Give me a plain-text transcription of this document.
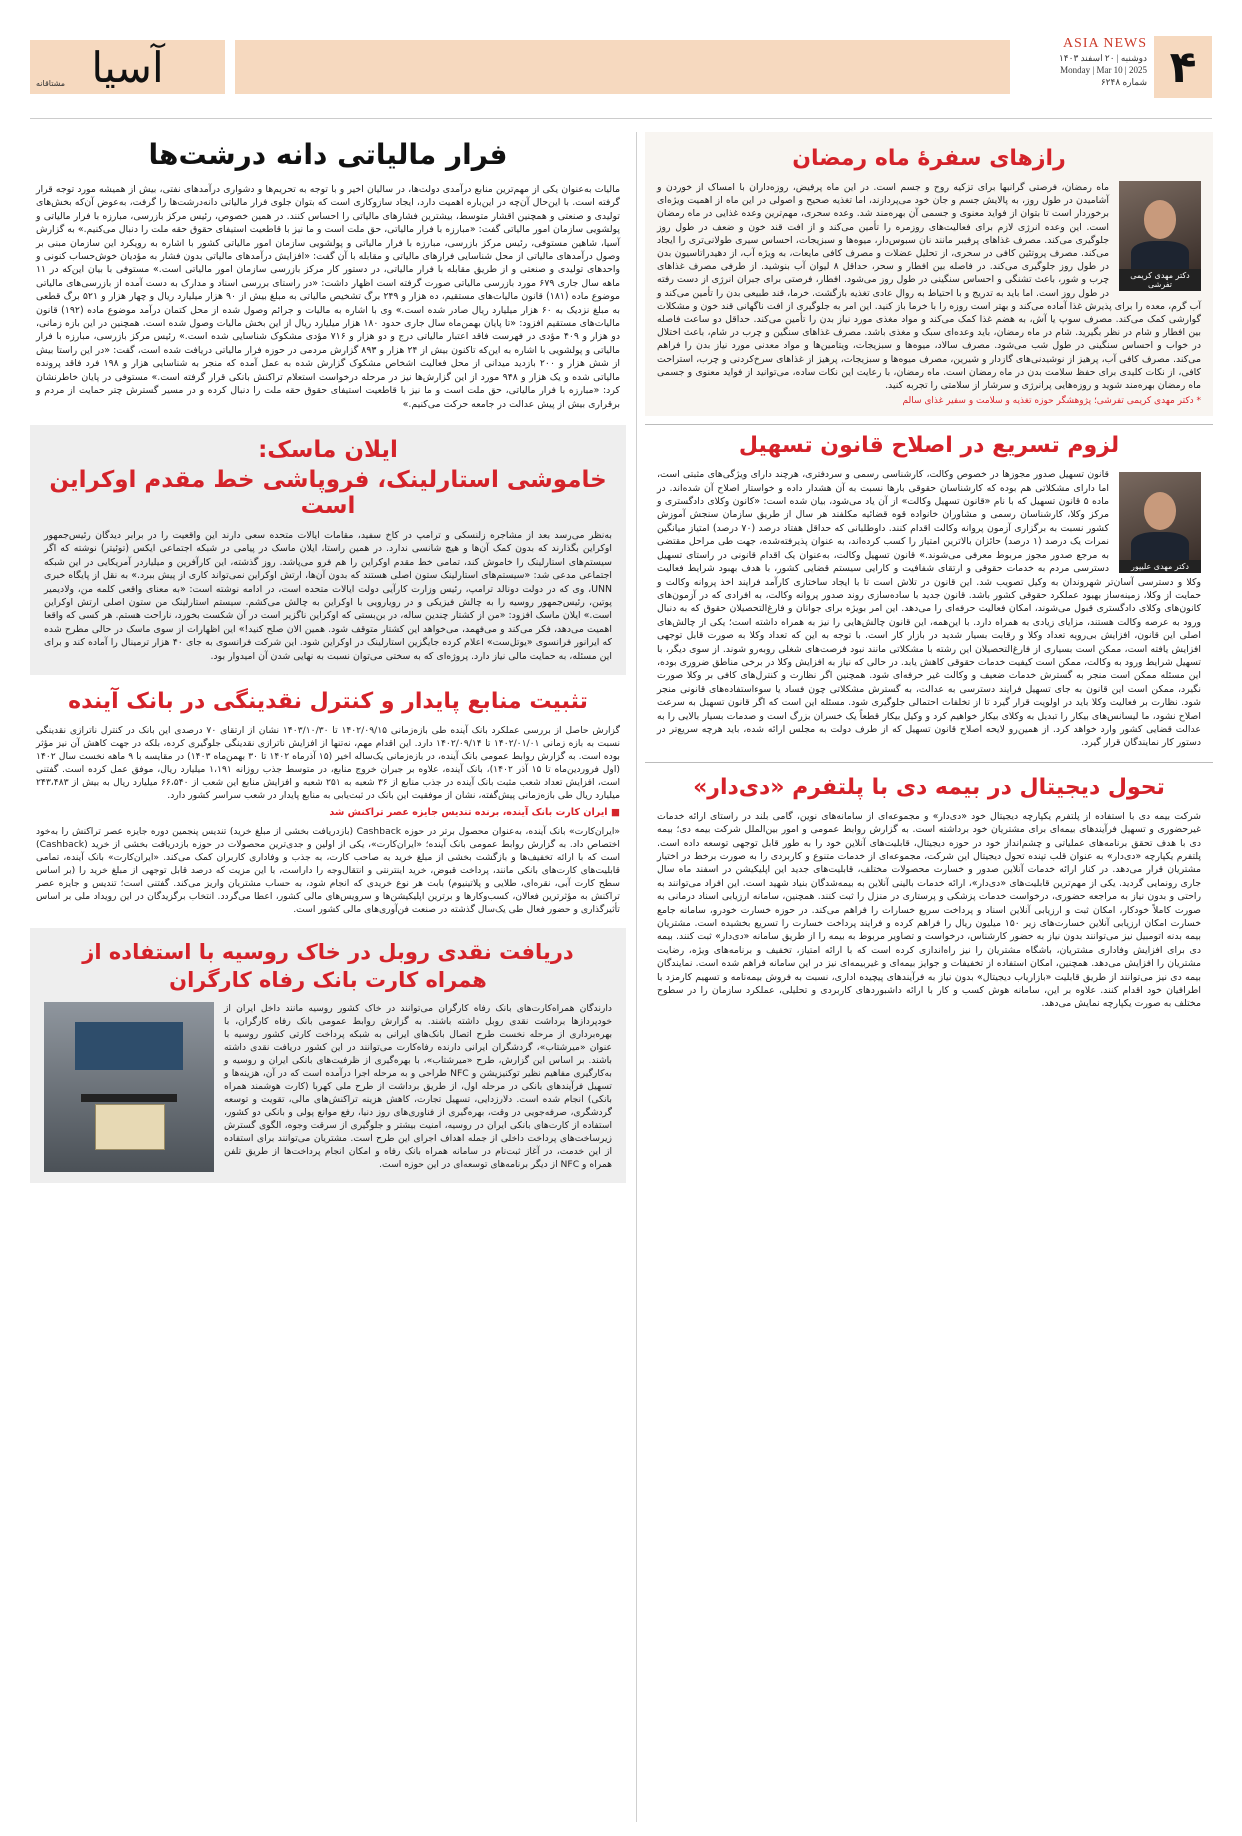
آسیا
مشتاقانه
ASIA NEWS
دوشنبه | ۲۰ اسفند ۱۴۰۳
Monday | Mar 10 | 2025
شماره ۶۲۴۸ ۴
رازهای سفرۀ ماه رمضان
دکتر مهدی کریمی تفرشی
ماه رمضان، فرصتی گرانبها برای تزکیه روح و جسم است. در این ماه پرفیض، روزه‌داران با امساک از خوردن و آشامیدن در طول روز، به پالایش جسم و جان خود می‌پردازند، اما تغذیه صحیح و اصولی در این ماه از اهمیت ویژه‌ای برخوردار است تا بتوان از فواید معنوی و جسمی آن بهره‌مند شد. وعده سحری، مهم‌ترین وعده غذایی در ماه رمضان است. این وعده انرژی لازم برای فعالیت‌های روزمره را تأمین می‌کند و از افت قند خون و ضعف در طول روز جلوگیری می‌کند. مصرف غذاهای پرفیبر مانند نان سبوس‌دار، میوه‌ها و سبزیجات، احساس سیری طولانی‌تری را ایجاد می‌کند. مصرف پروتئین کافی در سحری، از تحلیل عضلات و مصرف کافی مایعات، به ویژه آب، از دهیدراتاسیون بدن در طول روز جلوگیری می‌کند. در فاصله بین افطار و سحر، حداقل ۸ لیوان آب بنوشید. از طرفی مصرف غذاهای چرب و شور، باعث تشنگی و احساس سنگینی در طول روز می‌شود. افطار، فرصتی برای جبران انرژی از دست رفته در طول روز است. اما باید به تدریج و با احتیاط به روال عادی تغذیه بازگشت. خرما، قند طبیعی بدن را تأمین می‌کند و آب گرم، معده را برای پذیرش غذا آماده می‌کند و بهتر است روزه را با خرما باز کنید. این امر به جلوگیری از افت ناگهانی قند خون و مشکلات گوارشی کمک می‌کند. مصرف سوپ یا آش، به هضم غذا کمک می‌کند و مواد مغذی مورد نیاز بدن را تأمین می‌کند. حداقل دو ساعت فاصله بین افطار و شام در نظر بگیرید. شام در ماه رمضان، باید وعده‌ای سبک و مغذی باشد. مصرف غذاهای سنگین و چرب در شام، باعث اختلال در خواب و احساس سنگینی در طول شب می‌شود. مصرف سالاد، میوه‌ها و سبزیجات، ویتامین‌ها و مواد معدنی مورد نیاز بدن را فراهم می‌کند. مصرف کافی آب، پرهیز از نوشیدنی‌های گازدار و شیرین، مصرف میوه‌ها و سبزیجات، پرهیز از غذاهای سرخ‌کردنی و چرب، استراحت کافی، از نکات کلیدی برای حفظ سلامت بدن در ماه رمضان است. ماه رمضان، با رعایت این نکات ساده، می‌توانید از فواید معنوی و جسمی ماه رمضان بهره‌مند شوید و روزه‌هایی پرانرژی و سرشار از سلامتی را تجربه کنید.
* دکتر مهدی کریمی تفرشی؛ پژوهشگر حوزه تغذیه و سلامت و سفیر غذای سالم
لزوم تسریع در اصلاح قانون تسهیل
دکتر مهدی علیپور
قانون تسهیل صدور مجوزها در خصوص وکالت، کارشناسی رسمی و سردفتری، هرچند دارای ویژگی‌های مثبتی است، اما دارای مشکلاتی هم بوده که کارشناسان حقوقی بارها نسبت به آن هشدار داده و خواستار اصلاح آن شده‌اند. در ماده ۵ قانون تسهیل که با نام «قانون تسهیل وکالت» از آن یاد می‌شود، بیان شده است: «کانون وکلای دادگستری و مرکز وکلا، کارشناسان رسمی و مشاوران خانواده قوه قضائیه مکلفند هر سال از طریق سازمان سنجش آموزش کشور نسبت به برگزاری آزمون پروانه وکالت اقدام کنند. داوطلبانی که حداقل هفتاد درصد (۷۰ درصد) امتیاز میانگین نمرات یک درصد (۱ درصد) حائزان بالاترین امتیاز را کسب کرده‌اند، به عنوان پذیرفته‌شده، جهت طی مراحل مقتضی به مرجع صدور مجوز مربوط معرفی می‌شوند.» قانون تسهیل وکالت، به‌عنوان یک اقدام قانونی در راستای تسهیل دسترسی مردم به خدمات حقوقی و ارتقای شفافیت و کارایی سیستم قضایی کشور، با هدف بهبود شرایط فعالیت وکلا و دسترسی آسان‌تر شهروندان به وکیل تصویب شد. این قانون در تلاش است تا با ایجاد ساختاری کارآمد فرایند اخذ پروانه وکالت و حمایت از وکلا، زمینه‌ساز بهبود عملکرد حقوقی کشور باشد. قانون جدید با ساده‌سازی روند صدور پروانه وکالت، به افرادی که در آزمون‌های کانون‌های وکلای دادگستری قبول می‌شوند، امکان فعالیت حرفه‌ای را می‌دهد. این امر بویژه برای جوانان و فارغ‌التحصیلان حقوق که به دنبال ورود به عرصه وکالت هستند، مزایای زیادی به همراه دارد. با این‌همه، این قانون چالش‌هایی را نیز به همراه داشته است؛ یکی از چالش‌های اصلی این قانون، افزایش بی‌رویه تعداد وکلا و رقابت بسیار شدید در بازار کار است. با توجه به این که تعداد وکلا به صورت قابل توجهی افزایش یافته است، ممکن است بسیاری از فارغ‌التحصیلان این رشته با مشکلاتی مانند نبود فرصت‌های شغلی روبه‌رو شوند. از سوی دیگر، با تسهیل شرایط ورود به وکالت، ممکن است کیفیت خدمات حقوقی کاهش یابد. در حالی که نیاز به افزایش وکلا در برخی مناطق ضروری بوده، این مسئله ممکن است منجر به گسترش خدمات ضعیف و وکالت غیر حرفه‌ای شود. همچنین اگر نظارت و کنترل‌های کافی بر وکلا صورت نگیرد، ممکن است این قانون به جای تسهیل فرایند دسترسی به عدالت، به گسترش مشکلاتی چون فساد یا سوءاستفاده‌های قانونی منجر شود. نظارت بر فعالیت وکلا باید در اولویت قرار گیرد تا از تخلفات احتمالی جلوگیری شود. مسئله این است که اگر قانون تسهیل به سرعت اصلاح نشود، ما لیسانس‌های بیکار را تبدیل به وکلای بیکار خواهیم کرد و وکیل بیکار قطعاً یک خسران بزرگ است و صدمات بسیار بالایی را به عدالت قضایی کشور وارد خواهد کرد. از همین‌رو لایحه اصلاح قانون تسهیل که از طرف دولت به مجلس ارائه شده، باید هرچه سریع‌تر در دستور کار نمایندگان قرار گیرد.
تحول دیجیتال در بیمه دی با پلتفرم «دی‌دار»
شرکت بیمه دی با استفاده از پلتفرم یکپارچه دیجیتال خود «دی‌دار» و مجموعه‌ای از سامانه‌های نوین، گامی بلند در راستای ارائه خدمات غیرحضوری و تسهیل فرآیندهای بیمه‌ای برای مشتریان خود برداشته است. به گزارش روابط عمومی و امور بین‌الملل شرکت بیمه دی؛ بیمه دی با هدف تحقق برنامه‌های عملیاتی و چشم‌انداز خود در حوزه دیجیتال، قابلیت‌های آنلاین خود را به طور قابل توجهی توسعه داده است. پلتفرم یکپارچه «دی‌دار» به عنوان قلب تپنده تحول دیجیتال این شرکت، مجموعه‌ای از خدمات متنوع و کاربردی را به صورت برخط در اختیار مشتریان قرار می‌دهد. در کنار ارائه خدمات آنلاین صدور و خسارت محصولات مختلف، قابلیت‌های جدید این اپلیکیشن در اسفند ماه سال جاری رونمایی گردید. یکی از مهم‌ترین قابلیت‌های «دی‌دار»، ارائه خدمات بالینی آنلاین به بیمه‌شدگان بنیاد شهید است. این افراد می‌توانند به راحتی و بدون نیاز به مراجعه حضوری، درخواست خدمات پزشکی و پرستاری در منزل را ثبت کنند. همچنین، سامانه ارزیابی اسناد درمانی به صورت کاملاً خودکار، امکان ثبت و ارزیابی آنلاین اسناد و پرداخت سریع خسارات را فراهم می‌کند. در حوزه خسارت خودرو، سامانه جامع خسارت امکان ارزیابی آنلاین خسارت‌های زیر ۱۵۰ میلیون ریال را فراهم کرده و فرایند پرداخت خسارت را تسریع بخشیده است. مشتریان بیمه بدنه اتومبیل نیز می‌توانند بدون نیاز به حضور کارشناس، درخواست و تصاویر مربوط به بیمه را از طریق سامانه «دی‌دار» ثبت کنند. بیمه دی برای افزایش وفاداری مشتریان، باشگاه مشتریان را نیز راه‌اندازی کرده است که با ارائه امتیاز، تخفیف و برنامه‌های ویژه، رضایت مشتریان را افزایش می‌دهد. همچنین، امکان استفاده از تخفیفات و جوایز بیمه‌ای و غیربیمه‌ای نیز در این سامانه فراهم شده است. نمایندگان بیمه دی نیز می‌توانند از طریق قابلیت «بازاریاب دیجیتال» بدون نیاز به فرآیندهای پیچیده اداری، نسبت به فروش بیمه‌نامه و تسهیم کارمزد با اطرافیان خود اقدام کنند. علاوه بر این، سامانه هوش کسب و کار با ارائه داشبوردهای کاربردی و تحلیلی، عملکرد سازمان را در سطوح مختلف به صورت یکپارچه نمایش می‌دهد.
فرار مالیاتی دانه درشت‌ها
مالیات به‌عنوان یکی از مهم‌ترین منابع درآمدی دولت‌ها، در سالیان اخیر و با توجه به تحریم‌ها و دشواری درآمدهای نفتی، بیش از همیشه مورد توجه قرار گرفته است. با این‌حال آن‌چه در این‌باره اهمیت دارد، ایجاد سازوکاری است که بتوان جلوی فرار مالیاتی دانه‌درشت‌ها را گرفت، به‌عوض آن‌که بخش‌های تولیدی و صنعتی و همچنین اقشار متوسط، بیشترین فشارهای مالیاتی را احساس کنند. در همین خصوص، رئیس مرکز بازرسی، مبارزه با فرار مالیاتی و پولشویی سازمان امور مالیاتی گفت: «مبارزه با فرار مالیاتی، حق ملت است و ما نیز با قاطعیت استیفای حقوق حقه ملت را دنبال می‌کنیم.» به گزارش آسیا، شاهین مستوفی، رئیس مرکز بازرسی، مبارزه با فرار مالیاتی و پولشویی سازمان امور مالیاتی کشور با اشاره به رویکرد این سازمان مبنی بر وصول درآمدهای مالیاتی از محل شناسایی فرارهای مالیاتی و مقابله با آن گفت: «افزایش درآمدهای مالیاتی بدون فشار به مؤدیان خوش‌حساب کنونی و واحدهای تولیدی و صنعتی و از طریق مقابله با فرار مالیاتی، در دستور کار مرکز بازرسی سازمان امور مالیاتی است.» مستوفی با بیان این‌که در ۱۱ ماهه سال جاری ۶۷۹ مورد بازرسی مالیاتی صورت گرفته است اظهار داشت: «در راستای بررسی اسناد و مدارک به دست آمده از بازرسی‌های مالیاتی موضوع ماده (۱۸۱) قانون مالیات‌های مستقیم، ده هزار و ۲۴۹ برگ تشخیص مالیاتی به مبلغ بیش از ۹۰ هزار میلیارد ریال و چهار هزار و ۵۲۱ برگ قطعی به مبلغ نزدیک به ۶۰ هزار میلیارد ریال صادر شده است.» وی با اشاره به مالیات و جرائم وصول شده از محل کتمان درآمد موضوع ماده (۱۹۲) قانون مالیات‌های مستقیم افزود: «تا پایان بهمن‌ماه سال جاری حدود ۱۸۰ هزار میلیارد ریال از این بخش مالیات وصول شده است. همچنین در این بازه زمانی، دو هزار و ۴۰۹ مؤدی در فهرست فاقد اعتبار مالیاتی درج و دو هزار و ۷۱۶ مؤدی مشکوک شناسایی شده است.» رئیس مرکز بازرسی، مبارزه با فرار مالیاتی و پولشویی با اشاره به این‌که تاکنون بیش از ۲۴ هزار و ۸۹۳ گزارش مردمی در حوزه فرار مالیاتی دریافت شده است، گفت: «در این راستا بیش از شش هزار و ۲۰۰ بازدید میدانی از محل فعالیت اشخاص مشکوک گزارش شده به عمل آمده که منجر به شناسایی هزار و ۱۹۸ فرد فاقد پرونده مالیاتی شده و یک هزار و ۹۴۸ مورد از این گزارش‌ها نیز در مرحله درخواست استعلام تراکنش بانکی قرار گرفته است.» مستوفی در پایان خاطرنشان کرد: «مبارزه با فرار مالیاتی، حق ملت است و ما نیز با قاطعیت استیفای حقوق حقه ملت را دنبال کرده و در مسیر گسترش چتر حمایت از مردم و برقراری بیش از پیش عدالت در جامعه حرکت می‌کنیم.»
ایلان ماسک:
خاموشی استارلینک، فروپاشی خط مقدم اوکراین است
به‌نظر می‌رسد بعد از مشاجره زلنسکی و ترامپ در کاخ سفید، مقامات ایالات متحده سعی دارند این واقعیت را در برابر دیدگان رئیس‌جمهور اوکراین بگذارند که بدون کمک آن‌ها و هیچ شانسی ندارد. در همین راستا، ایلان ماسک در پیامی در شبکه اجتماعی ایکس (توئیتر) نوشته که اگر سیستم‌های استارلینک را خاموش کند، تمامی خط مقدم اوکراین را هم فرو می‌پاشد. روز گذشته، این کارآفرین و میلیاردر آمریکایی در این شبکه اجتماعی مدعی شد: «سیستم‌های استارلینک ستون اصلی هستند که بدون آن‌ها، ارتش اوکراین نمی‌تواند کاری از پیش ببرد.» به نقل از پایگاه خبری UNN، وی که در دولت دونالد ترامپ، رئیس وزارت کارآیی دولت ایالات متحده است، در ادامه نوشته است: «به معنای واقعی کلمه من، ولادیمیر پوتین، رئیس‌جمهور روسیه را به چالش فیزیکی و در رویارویی با اوکراین به چالش می‌کشم. سیستم استارلینک من ستون اصلی ارتش اوکراین است.» ایلان ماسک افزود: «من از کشتار چندین ساله، در بن‌بستی که اوکراین ناگزیر است در آن شکست بخورد، ناراحت هستم. هر کسی که واقعا اهمیت می‌دهد، فکر می‌کند و می‌فهمد، می‌خواهد این کشتار متوقف شود. همین الان صلح کنید!» این اظهارات از سوی ماسک در حالی مطرح شده که ایرانور فرانسوی «یوتل‌ست» اعلام کرده جایگزین استارلینک در اوکراین شود. این شرکت فرانسوی به جای ۴۰ هزار ترمینال را آماده کند و برای این مسئله، به حمایت مالی نیاز دارد. پروژه‌ای که به سختی می‌توان نسبت به نهایی شدن آن امیدوار بود.
تثبیت منابع پایدار و کنترل نقدینگی در بانک آینده
گزارش حاصل از بررسی عملکرد بانک آینده طی بازه‌زمانی ۱۴۰۲/۰۹/۱۵ تا ۱۴۰۳/۱۰/۳۰ نشان از ارتقای ۷۰ درصدی این بانک در کنترل ناترازی نقدینگی نسبت به بازه زمانی ۱۴۰۲/۰۱/۰۱ تا ۱۴۰۲/۰۹/۱۴ دارد. این اقدام مهم، نه‌تنها از افزایش ناترازی نقدینگی جلوگیری کرده، بلکه در جهت کاهش آن نیز مؤثر بوده است. به گزارش روابط عمومی بانک آینده، در بازه‌زمانی یک‌ساله اخیر (۱۵ آذرماه ۱۴۰۲ تا ۳۰ بهمن‌ماه ۱۴۰۳) در مقایسه با ۹ ماهه نخست سال ۱۴۰۲ (اول فروردین‌ماه تا ۱۵ آذر ۱۴۰۲)، بانک آینده، علاوه بر جبران خروج منابع، در متوسط جذب روزانه ۱،۱۹۱ میلیارد ریال، موفق عمل کرده است. گفتنی است، افزایش تعداد شعب مثبت بانک آینده در جذب منابع از ۳۶ شعبه به ۲۵۱ شعبه و افزایش منابع این شعب از ۶۶،۵۴۰ میلیارد ریال به بیش از ۲۴۳،۴۸۳ میلیارد ریال طی بازه‌زمانی پیش‌گفته، نشان از موفقیت این بانک در ثبت‌یابی به منابع پایدار در شعب سراسر کشور دارد.
■ ایران کارت بانک آینده، برنده تندیس جایزه عصر تراکنش شد
«ایران‌کارت» بانک آینده، به‌عنوان محصول برتر در حوزه Cashback (بازدریافت بخشی از مبلغ خرید) تندیس پنجمین دوره جایزه عصر تراکنش را به‌خود اختصاص داد. به گزارش روابط عمومی بانک آینده؛ «ایران‌کارت»، یکی از اولین و جدی‌ترین محصولات در حوزه بازدریافت بخشی از خرید (Cashback) است که با ارائه تخفیف‌ها و بازگشت بخشی از مبلغ خرید به صاحب کارت، به جذب و وفاداری کاربران کمک می‌کند. «ایران‌کارت» بانک آینده، تمامی قابلیت‌های کارت‌های بانکی مانند، پرداخت قبوض، خرید اینترنتی و انتقال‌وجه را داراست، با این مزیت که درصد قابل توجهی از مبلغ خرید را (بر اساس سطح کارت آبی، نقره‌ای، طلایی و پلاتینیوم) بابت هر نوع خریدی که انجام شود، به حساب مشتریان واریز می‌کند. گفتنی است؛ تندیس و جایزه عصر تراکنش به مؤثرترین فعالان، کسب‌وکارها و برترین اپلیکیشن‌ها و سرویس‌های مالی کشور، اعطا می‌گردد. انتخاب برگزیدگان در این رویداد ملی بر اساس تأثیرگذاری و حضور فعال طی یک‌سال گذشته در صنعت فن‌آوری‌های مالی کشور است.
دریافت نقدی روبل در خاک روسیه با استفاده از
همراه کارت بانک رفاه کارگران
دارندگان همراه‌کارت‌های بانک رفاه کارگران می‌توانند در خاک کشور روسیه مانند داخل ایران از خودپردازها برداشت نقدی روبل داشته باشند. به گزارش روابط عمومی بانک رفاه کارگران، با بهره‌برداری از مرحله نخست طرح اتصال بانک‌های ایرانی به شبکه پرداخت کارتی کشور روسیه با عنوان «میرشتاب»، گردشگران ایرانی دارنده رفاه‌کارت می‌توانند در این کشور دریافت نقدی داشته باشند. بر اساس این گزارش، طرح «میرشتاب»، با بهره‌گیری از ظرفیت‌های بانکی ایران و روسیه و به‌کارگیری مفاهیم نظیر توکنیزیشن و NFC طراحی و به مرحله اجرا درآمده است که در آن، هزینه‌ها و تسهیل فرآیندهای بانکی در مرحله اول، از طریق برداشت از طرح ملی کهربا (کارت هوشمند همراه بانکی) انجام شده است. دلارزدایی، تسهیل تجارت، کاهش هزینه تراکنش‌های مالی، تقویت و توسعه گردشگری، صرفه‌جویی در وقت، بهره‌گیری از فناوری‌های روز دنیا، رفع موانع پولی و بانکی دو کشور، استفاده از کارت‌های بانکی ایران در روسیه، امنیت بیشتر و جلوگیری از سرقت وجوه، الگوی گسترش زیرساخت‌های پرداخت داخلی از جمله اهداف اجرای این طرح است. مشتریان می‌توانند برای استفاده از این خدمت، در آغاز ثبت‌نام در سامانه همراه بانک رفاه و امکان انجام پرداخت‌ها از طریق تلفن همراه و NFC از دیگر برنامه‌های توسعه‌ای در این حوزه است.
